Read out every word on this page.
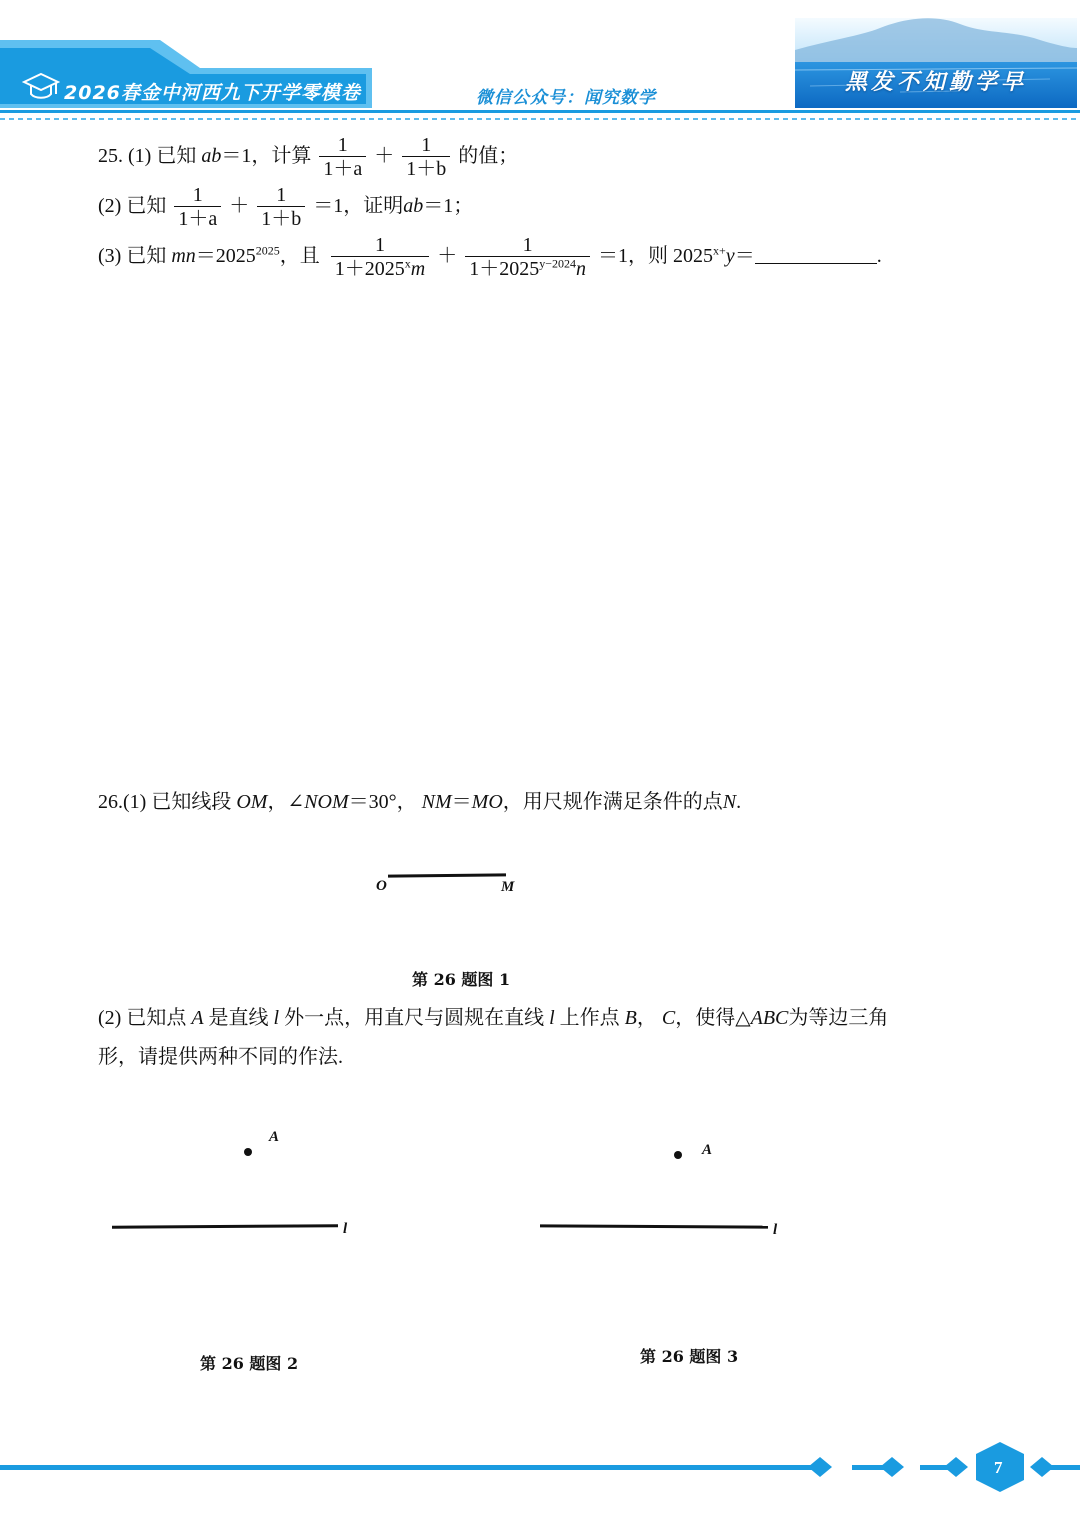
2026春金中河西九下开学零模卷	微信公众号：闻究数学
黑发不知勤学早
25. (1) 已知 ab＝1，计算 $\frac{1}{1+a} + \frac{1}{1+b}$ 的值；
(2) 已知 $\frac{1}{1+a} + \frac{1}{1+b} =1$，证明ab＝1；
(3) 已知 $mn=2025^{2025}$，且 $\frac{1}{1+2025^xm} + \frac{1}{1+2025^{y-2024}n} =1$，则 $2025^{x+}y=$	.
26.(1) 已知线段 OM，∠NOM＝30°， NM＝MO，用尺规作满足条件的点N.
O	M
第 26 题图 1
(2) 已知点 A 是直线 l 外一点，用直尺与圆规在直线 l 上作点 B， C，使得△ABC为等边三角
形，请提供两种不同的作法.
A
l
第 26 题图 2
A
l
第 26 题图 3
7
